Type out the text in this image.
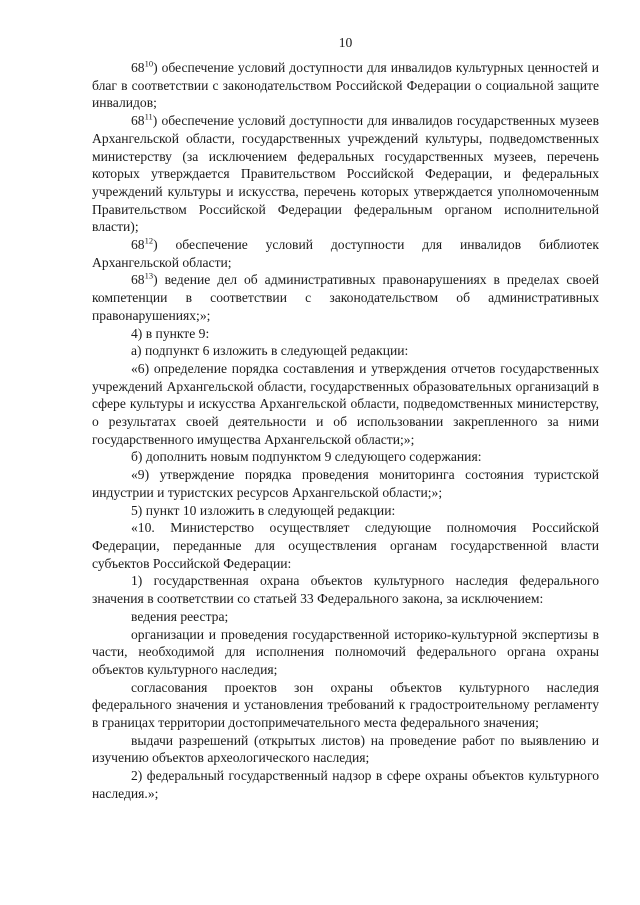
10

$68^{10}$) обеспечение условий доступности для инвалидов культурных ценностей и благ в соответствии с законодательством Российской Федерации о социальной защите инвалидов;

$68^{11}$) обеспечение условий доступности для инвалидов государственных музеев Архангельской области, государственных учреждений культуры, подведомственных министерству (за исключением федеральных государственных музеев, перечень которых утверждается Правительством Российской Федерации, и федеральных учреждений культуры и искусства, перечень которых утверждается уполномоченным Правительством Российской Федерации федеральным органом исполнительной власти);

$68^{12}$) обеспечение условий доступности для инвалидов библиотек Архангельской области;

$68^{13}$) ведение дел об административных правонарушениях в пределах своей компетенции в соответствии с законодательством об административных правонарушениях;»;

4) в пункте 9:

а) подпункт 6 изложить в следующей редакции:

«6) определение порядка составления и утверждения отчетов государственных учреждений Архангельской области, государственных образовательных организаций в сфере культуры и искусства Архангельской области, подведомственных министерству, о результатах своей деятельности и об использовании закрепленного за ними государственного имущества Архангельской области;»;

б) дополнить новым подпунктом 9 следующего содержания:

«9) утверждение порядка проведения мониторинга состояния туристской индустрии и туристских ресурсов Архангельской области;»;

5) пункт 10 изложить в следующей редакции:

«10. Министерство осуществляет следующие полномочия Российской Федерации, переданные для осуществления органам государственной власти субъектов Российской Федерации:

1) государственная охрана объектов культурного наследия федерального значения в соответствии со статьей 33 Федерального закона, за исключением:

ведения реестра;

организации и проведения государственной историко-культурной экспертизы в части, необходимой для исполнения полномочий федерального органа охраны объектов культурного наследия;

согласования проектов зон охраны объектов культурного наследия федерального значения и установления требований к градостроительному регламенту в границах территории достопримечательного места федерального значения;

выдачи разрешений (открытых листов) на проведение работ по выявлению и изучению объектов археологического наследия;

2) федеральный государственный надзор в сфере охраны объектов культурного наследия.»;
